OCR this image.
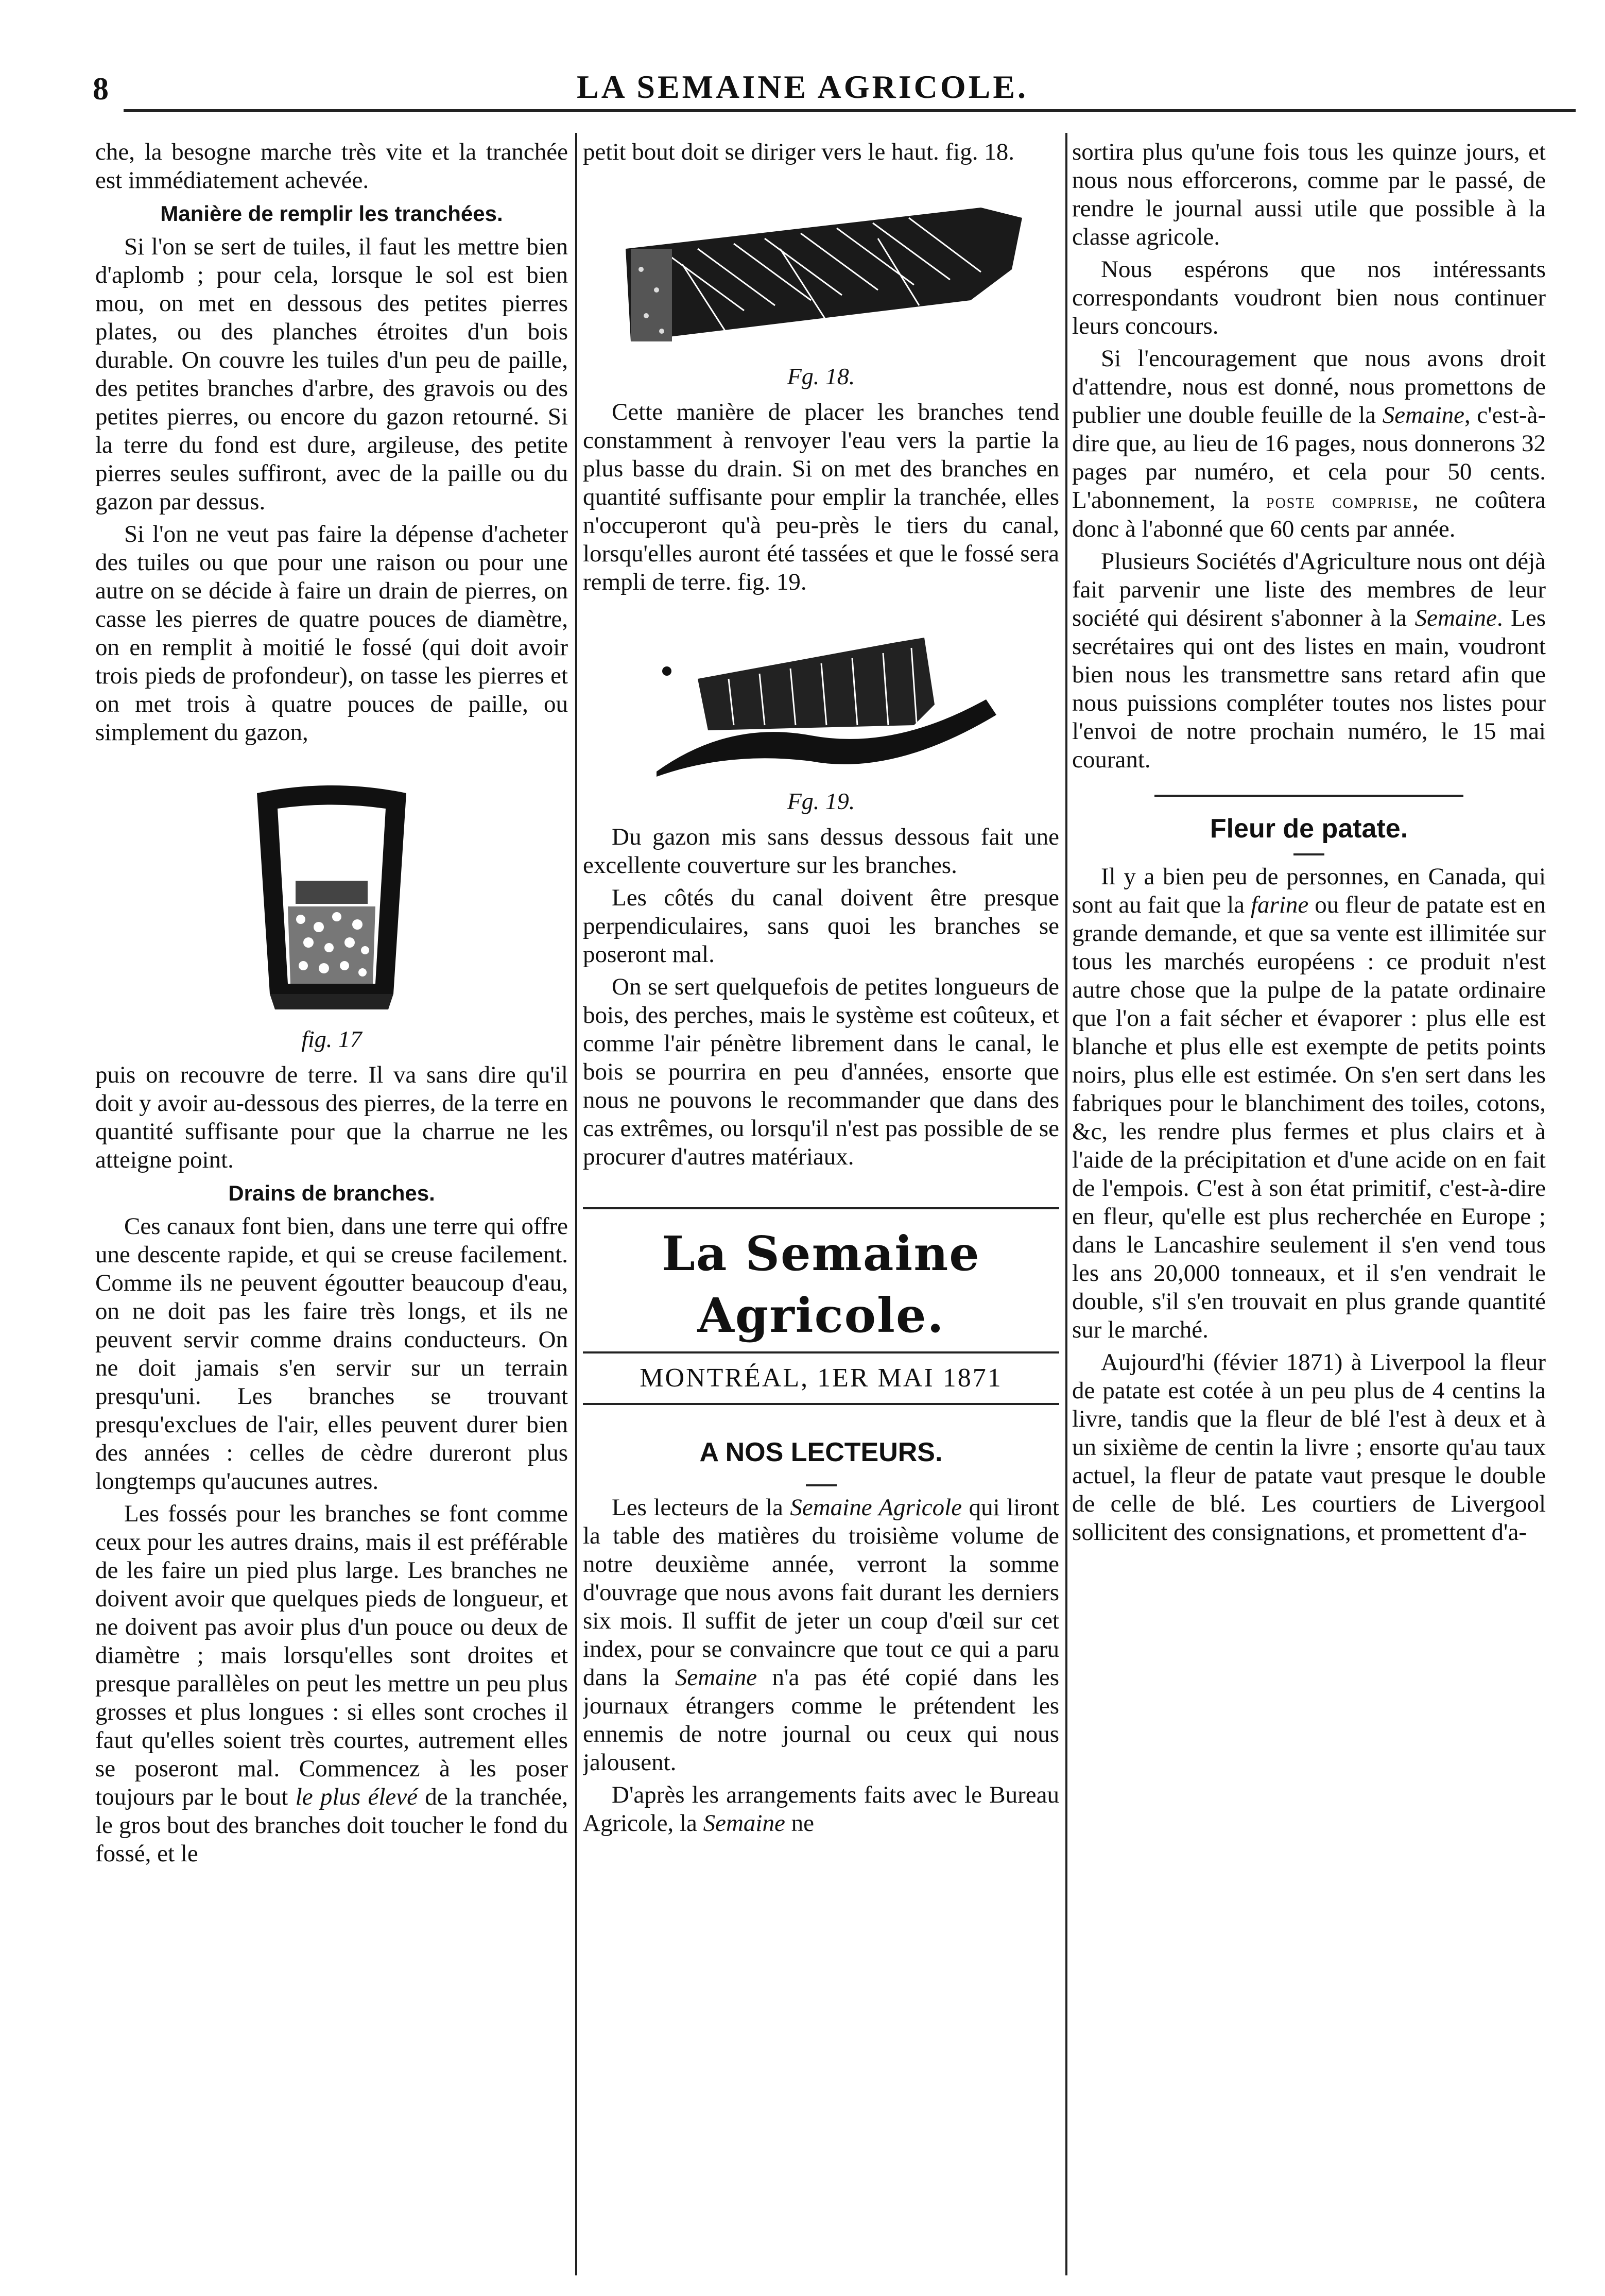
8	LA SEMAINE AGRICOLE.

che, la besogne marche très vite et la tranchée est immédiatement achevée.

Manière de remplir les tranchées.

Si l'on se sert de tuiles, il faut les mettre bien d'aplomb ; pour cela, lorsque le sol est bien mou, on met en dessous des petites pierres plates, ou des planches étroites d'un bois durable. On couvre les tuiles d'un peu de paille, des petites branches d'arbre, des gravois ou des petites pierres, ou encore du gazon retourné. Si la terre du fond est dure, argileuse, des petite pierres seules suffiront, avec de la paille ou du gazon par dessus.

Si l'on ne veut pas faire la dépense d'acheter des tuiles ou que pour une raison ou pour une autre on se décide à faire un drain de pierres, on casse les pierres de quatre pouces de diamètre, on en remplit à moitié le fossé (qui doit avoir trois pieds de profondeur), on tasse les pierres et on met trois à quatre pouces de paille, ou simplement du gazon,

fig. 17

puis on recouvre de terre. Il va sans dire qu'il doit y avoir au-dessous des pierres, de la terre en quantité suffisante pour que la charrue ne les atteigne point.

Drains de branches.

Ces canaux font bien, dans une terre qui offre une descente rapide, et qui se creuse facilement. Comme ils ne peuvent égoutter beaucoup d'eau, on ne doit pas les faire très longs, et ils ne peuvent servir comme drains conducteurs. On ne doit jamais s'en servir sur un terrain presqu'uni. Les branches se trouvant presqu'exclues de l'air, elles peuvent durer bien des années : celles de cèdre dureront plus longtemps qu'aucunes autres.

Les fossés pour les branches se font comme ceux pour les autres drains, mais il est préférable de les faire un pied plus large. Les branches ne doivent avoir que quelques pieds de longueur, et ne doivent pas avoir plus d'un pouce ou deux de diamètre ; mais lorsqu'elles sont droites et presque parallèles on peut les mettre un peu plus grosses et plus longues : si elles sont croches il faut qu'elles soient très courtes, autrement elles se poseront mal. Commencez à les poser toujours par le bout le plus élevé de la tranchée, le gros bout des branches doit toucher le fond du fossé, et le

petit bout doit se diriger vers le haut. fig. 18.

Fg. 18.

Cette manière de placer les branches tend constamment à renvoyer l'eau vers la partie la plus basse du drain. Si on met des branches en quantité suffisante pour emplir la tranchée, elles n'occuperont qu'à peu-près le tiers du canal, lorsqu'elles auront été tassées et que le fossé sera rempli de terre. fig. 19.

Fg. 19.

Du gazon mis sans dessus dessous fait une excellente couverture sur les branches.

Les côtés du canal doivent être presque perpendiculaires, sans quoi les branches se poseront mal.

On se sert quelquefois de petites longueurs de bois, des perches, mais le système est coûteux, et comme l'air pénètre librement dans le canal, le bois se pourrira en peu d'années, ensorte que nous ne pouvons le recommander que dans des cas extrêmes, ou lorsqu'il n'est pas possible de se procurer d'autres matériaux.

La Semaine Agricole.
MONTRÉAL, 1ER MAI 1871
A NOS LECTEURS.

Les lecteurs de la Semaine Agricole qui liront la table des matières du troisième volume de notre deuxième année, verront la somme d'ouvrage que nous avons fait durant les derniers six mois. Il suffit de jeter un coup d'œil sur cet index, pour se convaincre que tout ce qui a paru dans la Semaine n'a pas été copié dans les journaux étrangers comme le prétendent les ennemis de notre journal ou ceux qui nous jalousent.

D'après les arrangements faits avec le Bureau Agricole, la Semaine ne

sortira plus qu'une fois tous les quinze jours, et nous nous efforcerons, comme par le passé, de rendre le journal aussi utile que possible à la classe agricole.

Nous espérons que nos intéressants correspondants voudront bien nous continuer leurs concours.

Si l'encouragement que nous avons droit d'attendre, nous est donné, nous promettons de publier une double feuille de la Semaine, c'est-à-dire que, au lieu de 16 pages, nous donnerons 32 pages par numéro, et cela pour 50 cents. L'abonnement, la poste comprise, ne coûtera donc à l'abonné que 60 cents par année.

Plusieurs Sociétés d'Agriculture nous ont déjà fait parvenir une liste des membres de leur société qui désirent s'abonner à la Semaine. Les secrétaires qui ont des listes en main, voudront bien nous les transmettre sans retard afin que nous puissions compléter toutes nos listes pour l'envoi de notre prochain numéro, le 15 mai courant.

Fleur de patate.

Il y a bien peu de personnes, en Canada, qui sont au fait que la farine ou fleur de patate est en grande demande, et que sa vente est illimitée sur tous les marchés européens : ce produit n'est autre chose que la pulpe de la patate ordinaire que l'on a fait sécher et évaporer : plus elle est blanche et plus elle est exempte de petits points noirs, plus elle est estimée. On s'en sert dans les fabriques pour le blanchiment des toiles, cotons, &c, les rendre plus fermes et plus clairs et à l'aide de la précipitation et d'une acide on en fait de l'empois. C'est à son état primitif, c'est-à-dire en fleur, qu'elle est plus recherchée en Europe ; dans le Lancashire seulement il s'en vend tous les ans 20,000 tonneaux, et il s'en vendrait le double, s'il s'en trouvait en plus grande quantité sur le marché.

Aujourd'hi (févier 1871) à Liverpool la fleur de patate est cotée à un peu plus de 4 centins la livre, tandis que la fleur de blé l'est à deux et à un sixième de centin la livre ; ensorte qu'au taux actuel, la fleur de patate vaut presque le double de celle de blé. Les courtiers de Livergool sollicitent des consignations, et promettent d'a-
